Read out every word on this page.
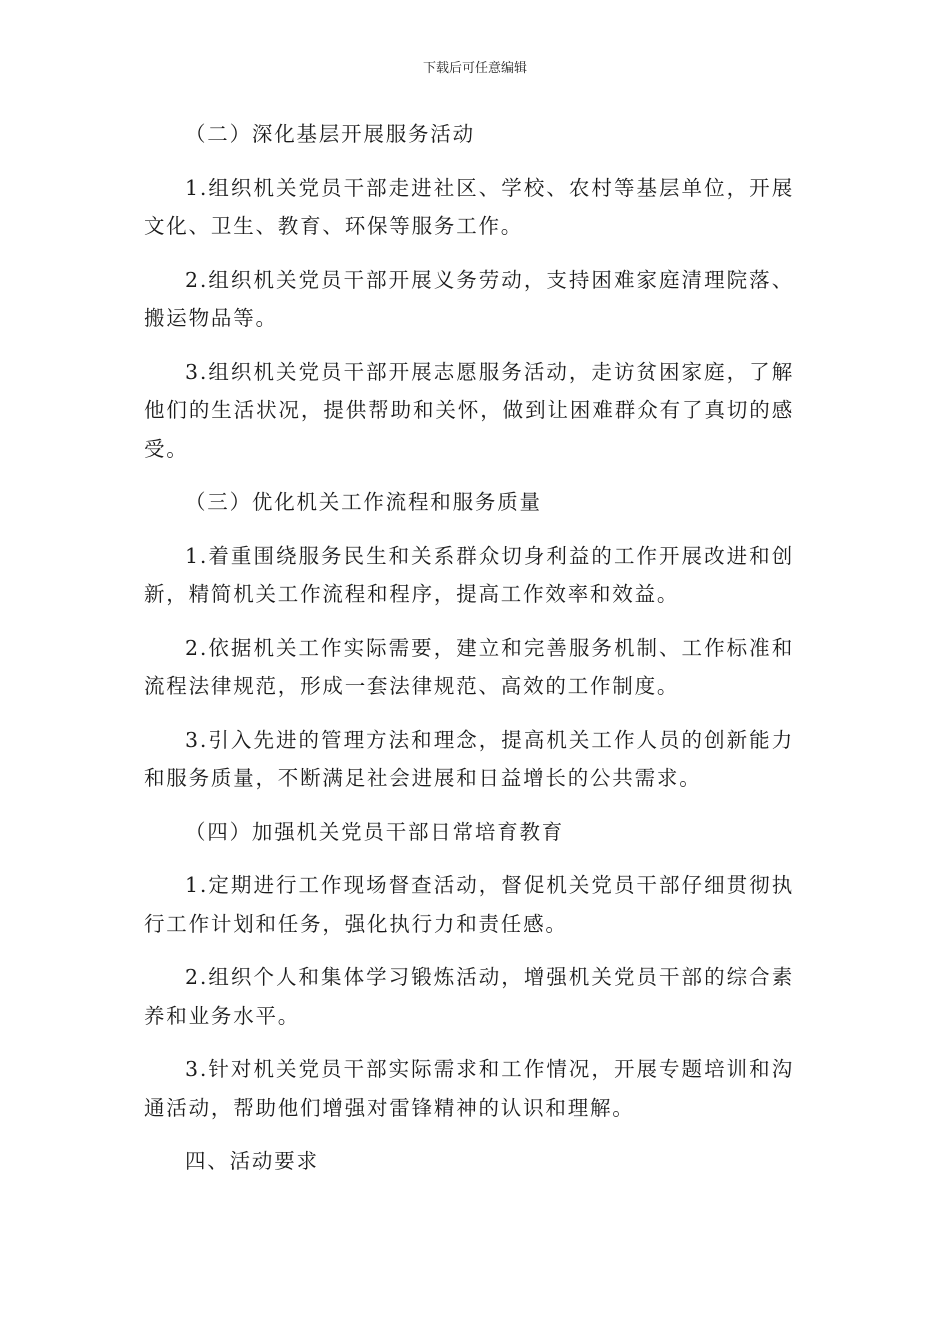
下载后可任意编辑
（二）深化基层开展服务活动

1.组织机关党员干部走进社区、学校、农村等基层单位，开展文化、卫生、教育、环保等服务工作。

2.组织机关党员干部开展义务劳动，支持困难家庭清理院落、搬运物品等。

3.组织机关党员干部开展志愿服务活动，走访贫困家庭，了解他们的生活状况，提供帮助和关怀，做到让困难群众有了真切的感受。

（三）优化机关工作流程和服务质量

1.着重围绕服务民生和关系群众切身利益的工作开展改进和创新，精简机关工作流程和程序，提高工作效率和效益。

2.依据机关工作实际需要，建立和完善服务机制、工作标准和流程法律规范，形成一套法律规范、高效的工作制度。

3.引入先进的管理方法和理念，提高机关工作人员的创新能力和服务质量，不断满足社会进展和日益增长的公共需求。

（四）加强机关党员干部日常培育教育

1.定期进行工作现场督查活动，督促机关党员干部仔细贯彻执行工作计划和任务，强化执行力和责任感。

2.组织个人和集体学习锻炼活动，增强机关党员干部的综合素养和业务水平。

3.针对机关党员干部实际需求和工作情况，开展专题培训和沟通活动，帮助他们增强对雷锋精神的认识和理解。

四、活动要求
